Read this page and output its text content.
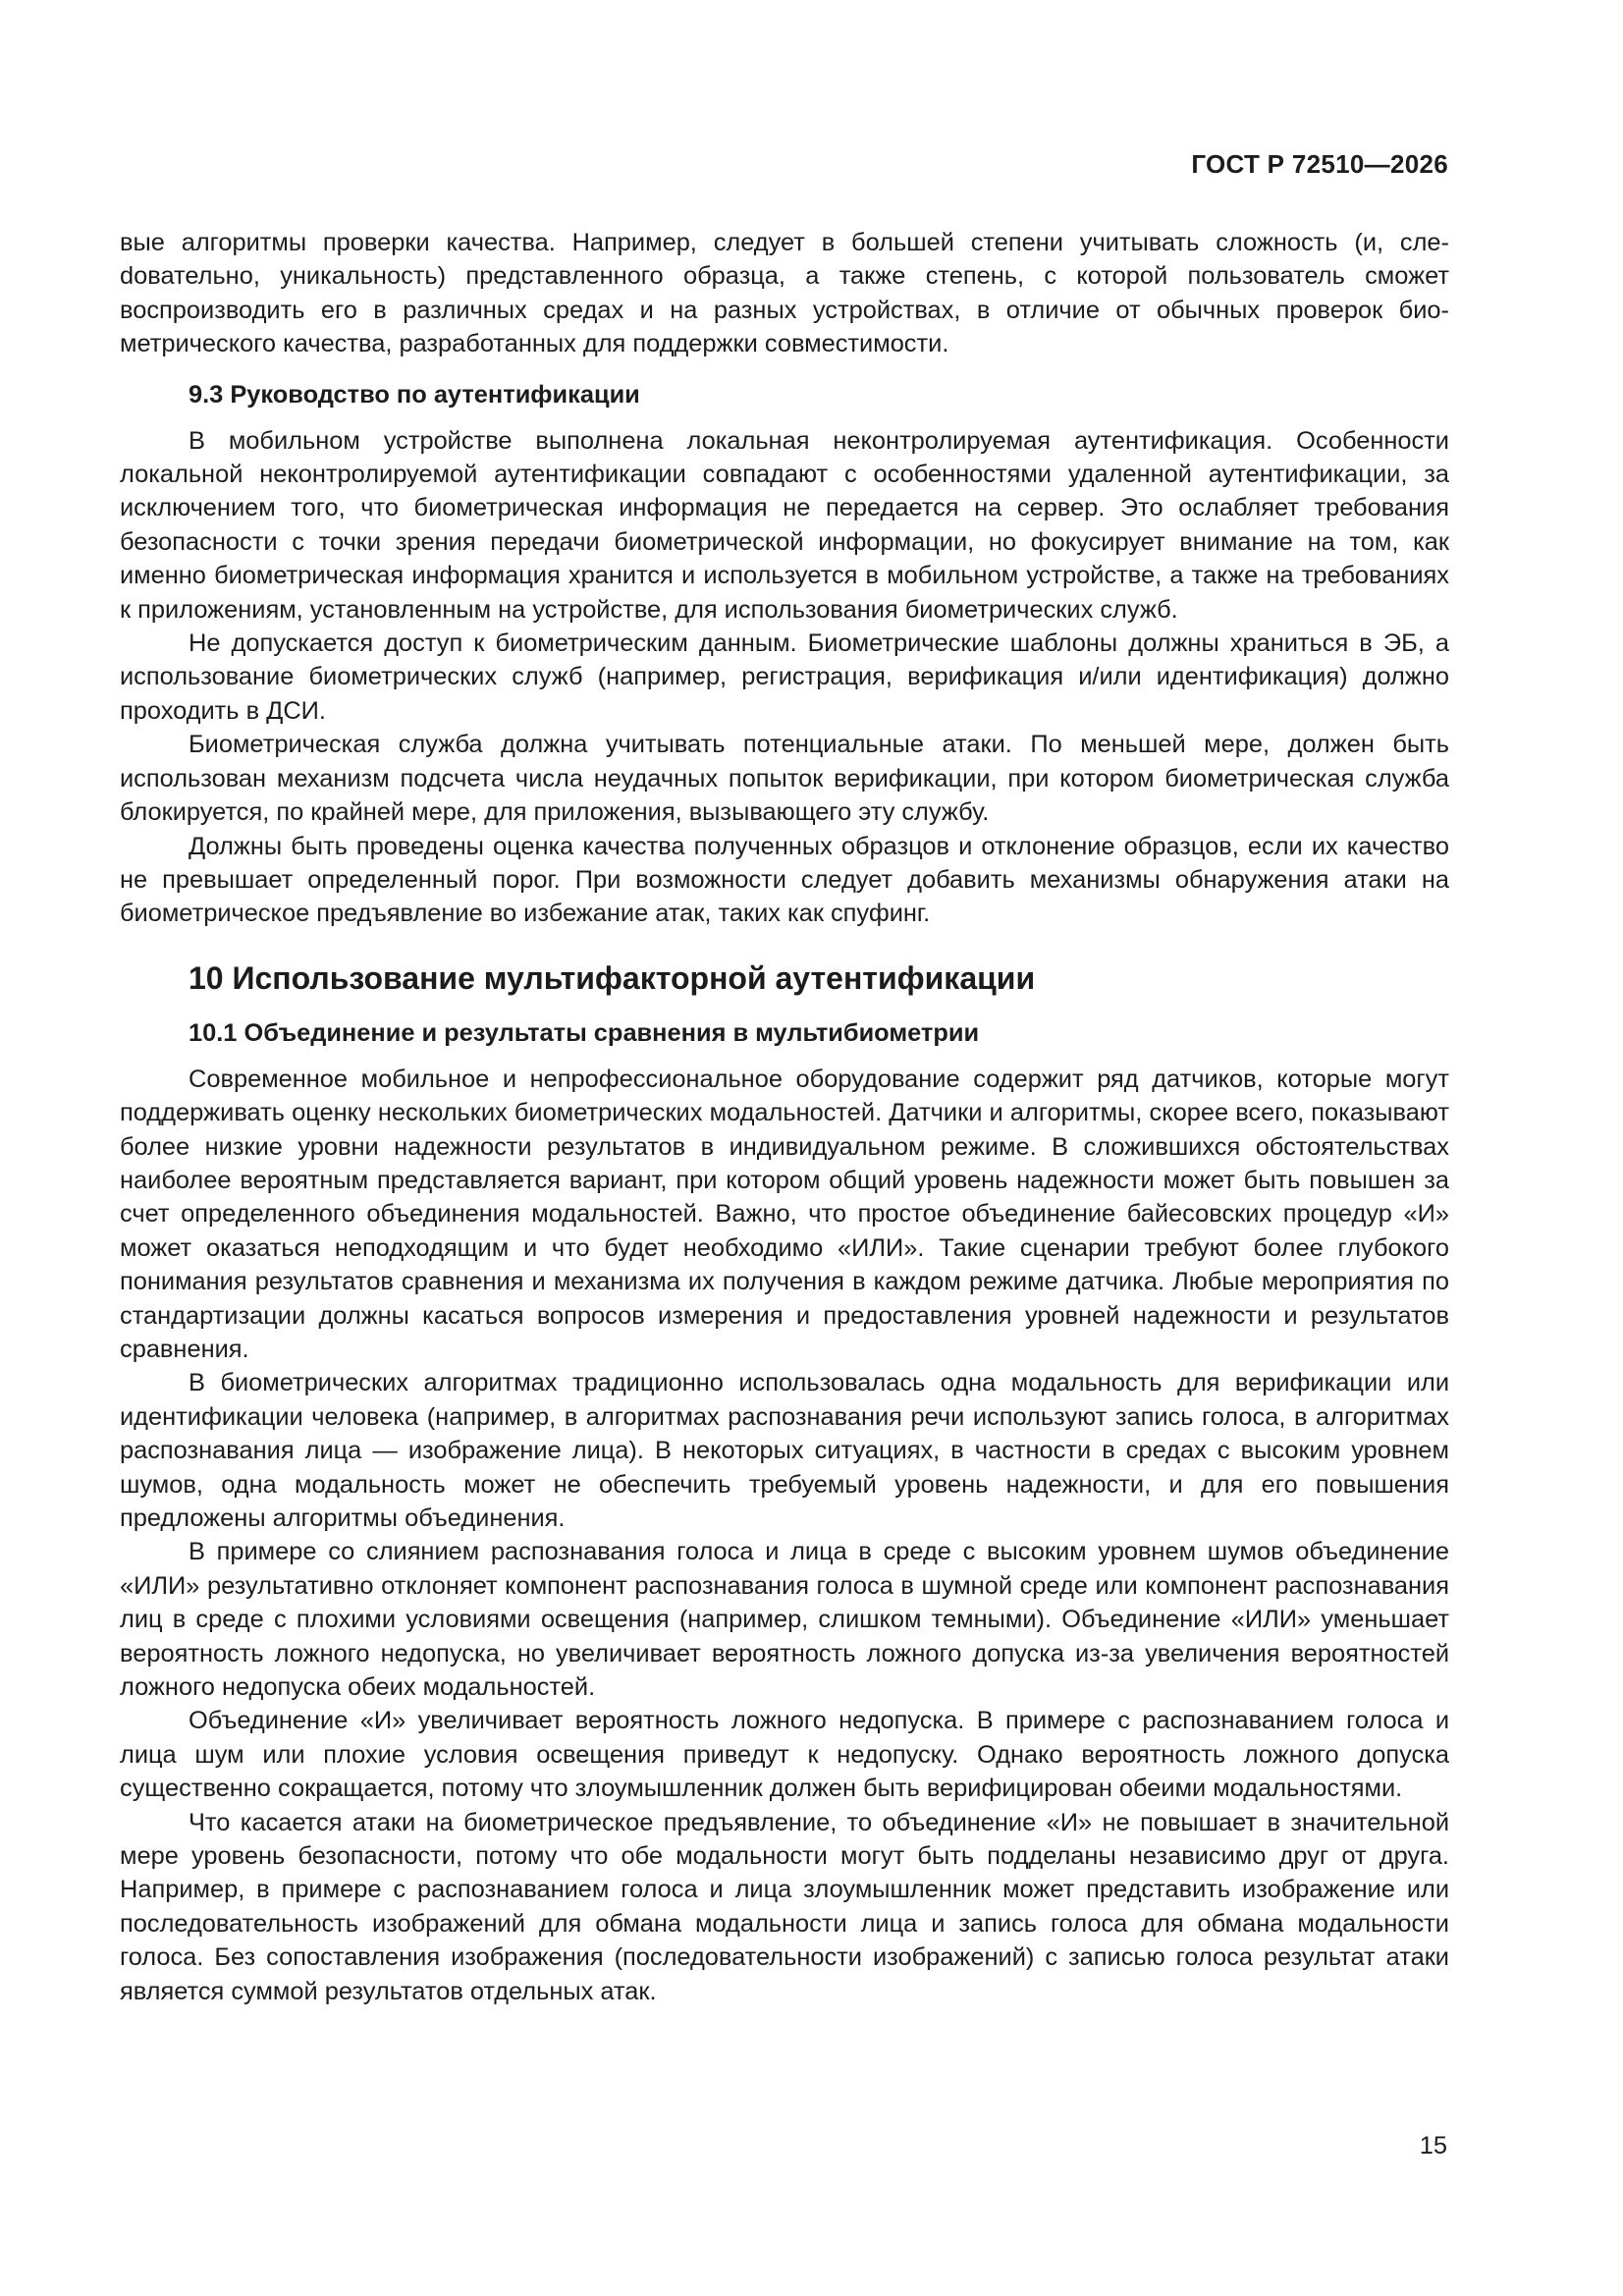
ГОСТ Р 72510—2026

вые алгоритмы проверки качества. Например, следует в большей степени учитывать сложность (и, слеdовательно, уникальность) представленного образца, а также степень, с которой пользователь сможет воспроизводить его в различных средах и на разных устройствах, в отличие от обычных проверок биометрического качества, разработанных для поддержки совместимости.

9.3 Руководство по аутентификации

В мобильном устройстве выполнена локальная неконтролируемая аутентификация. Особенности локальной неконтролируемой аутентификации совпадают с особенностями удаленной аутентификации, за исключением того, что биометрическая информация не передается на сервер. Это ослабляет требования безопасности с точки зрения передачи биометрической информации, но фокусирует внимание на том, как именно биометрическая информация хранится и используется в мобильном устройстве, а также на требованиях к приложениям, установленным на устройстве, для использования биометрических служб.

Не допускается доступ к биометрическим данным. Биометрические шаблоны должны храниться в ЭБ, а использование биометрических служб (например, регистрация, верификация и/или идентификация) должно проходить в ДСИ.

Биометрическая служба должна учитывать потенциальные атаки. По меньшей мере, должен быть использован механизм подсчета числа неудачных попыток верификации, при котором биометрическая служба блокируется, по крайней мере, для приложения, вызывающего эту службу.

Должны быть проведены оценка качества полученных образцов и отклонение образцов, если их качество не превышает определенный порог. При возможности следует добавить механизмы обнаружения атаки на биометрическое предъявление во избежание атак, таких как спуфинг.

10 Использование мультифакторной аутентификации
10.1 Объединение и результаты сравнения в мультибиометрии

Современное мобильное и непрофессиональное оборудование содержит ряд датчиков, которые могут поддерживать оценку нескольких биометрических модальностей. Датчики и алгоритмы, скорее всего, показывают более низкие уровни надежности результатов в индивидуальном режиме. В сложившихся обстоятельствах наиболее вероятным представляется вариант, при котором общий уровень надежности может быть повышен за счет определенного объединения модальностей. Важно, что простое объединение байесовских процедур «И» может оказаться неподходящим и что будет необходимо «ИЛИ». Такие сценарии требуют более глубокого понимания результатов сравнения и механизма их получения в каждом режиме датчика. Любые мероприятия по стандартизации должны касаться вопросов измерения и предоставления уровней надежности и результатов сравнения.

В биометрических алгоритмах традиционно использовалась одна модальность для верификации или идентификации человека (например, в алгоритмах распознавания речи используют запись голоса, в алгоритмах распознавания лица — изображение лица). В некоторых ситуациях, в частности в средах с высоким уровнем шумов, одна модальность может не обеспечить требуемый уровень надежности, и для его повышения предложены алгоритмы объединения.

В примере со слиянием распознавания голоса и лица в среде с высоким уровнем шумов объединение «ИЛИ» результативно отклоняет компонент распознавания голоса в шумной среде или компонент распознавания лиц в среде с плохими условиями освещения (например, слишком темными). Объединение «ИЛИ» уменьшает вероятность ложного недопуска, но увеличивает вероятность ложного допуска из-за увеличения вероятностей ложного недопуска обеих модальностей.

Объединение «И» увеличивает вероятность ложного недопуска. В примере с распознаванием голоса и лица шум или плохие условия освещения приведут к недопуску. Однако вероятность ложного допуска существенно сокращается, потому что злоумышленник должен быть верифицирован обеими модальностями.

Что касается атаки на биометрическое предъявление, то объединение «И» не повышает в значительной мере уровень безопасности, потому что обе модальности могут быть подделаны независимо друг от друга. Например, в примере с распознаванием голоса и лица злоумышленник может представить изображение или последовательность изображений для обмана модальности лица и запись голоса для обмана модальности голоса. Без сопоставления изображения (последовательности изображений) с записью голоса результат атаки является суммой результатов отдельных атак.

15
